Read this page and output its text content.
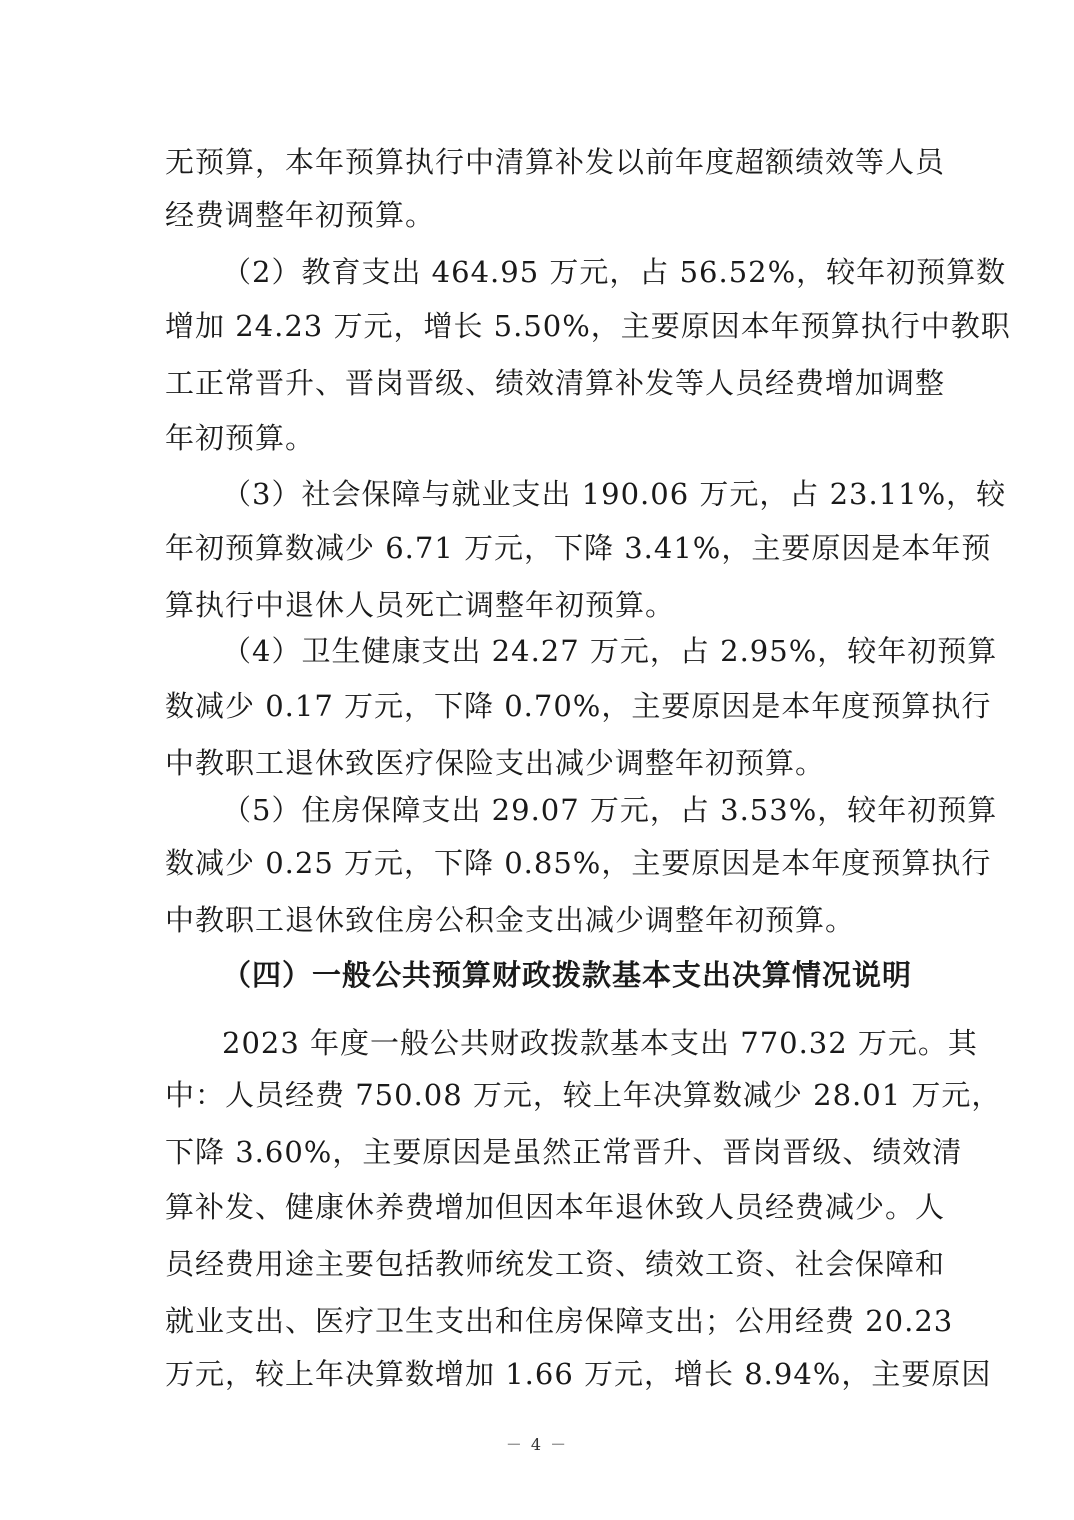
无预算，本年预算执行中清算补发以前年度超额绩效等人员
经费调整年初预算。
（2）教育支出 464.95 万元，占 56.52%，较年初预算数
增加 24.23 万元，增长 5.50%，主要原因本年预算执行中教职
工正常晋升、晋岗晋级、绩效清算补发等人员经费增加调整
年初预算。
（3）社会保障与就业支出 190.06 万元，占 23.11%，较
年初预算数减少 6.71 万元，下降 3.41%，主要原因是本年预
算执行中退休人员死亡调整年初预算。
（4）卫生健康支出 24.27 万元，占 2.95%，较年初预算
数减少 0.17 万元，下降 0.70%，主要原因是本年度预算执行
中教职工退休致医疗保险支出减少调整年初预算。
（5）住房保障支出 29.07 万元，占 3.53%，较年初预算
数减少 0.25 万元，下降 0.85%，主要原因是本年度预算执行
中教职工退休致住房公积金支出减少调整年初预算。
（四）一般公共预算财政拨款基本支出决算情况说明
2023 年度一般公共财政拨款基本支出 770.32 万元。其
中：人员经费 750.08 万元，较上年决算数减少 28.01 万元，
下降 3.60%，主要原因是虽然正常晋升、晋岗晋级、绩效清
算补发、健康休养费增加但因本年退休致人员经费减少。人
员经费用途主要包括教师统发工资、绩效工资、社会保障和
就业支出、医疗卫生支出和住房保障支出；公用经费 20.23
万元，较上年决算数增加 1.66 万元，增长 8.94%，主要原因
－ 4 －
